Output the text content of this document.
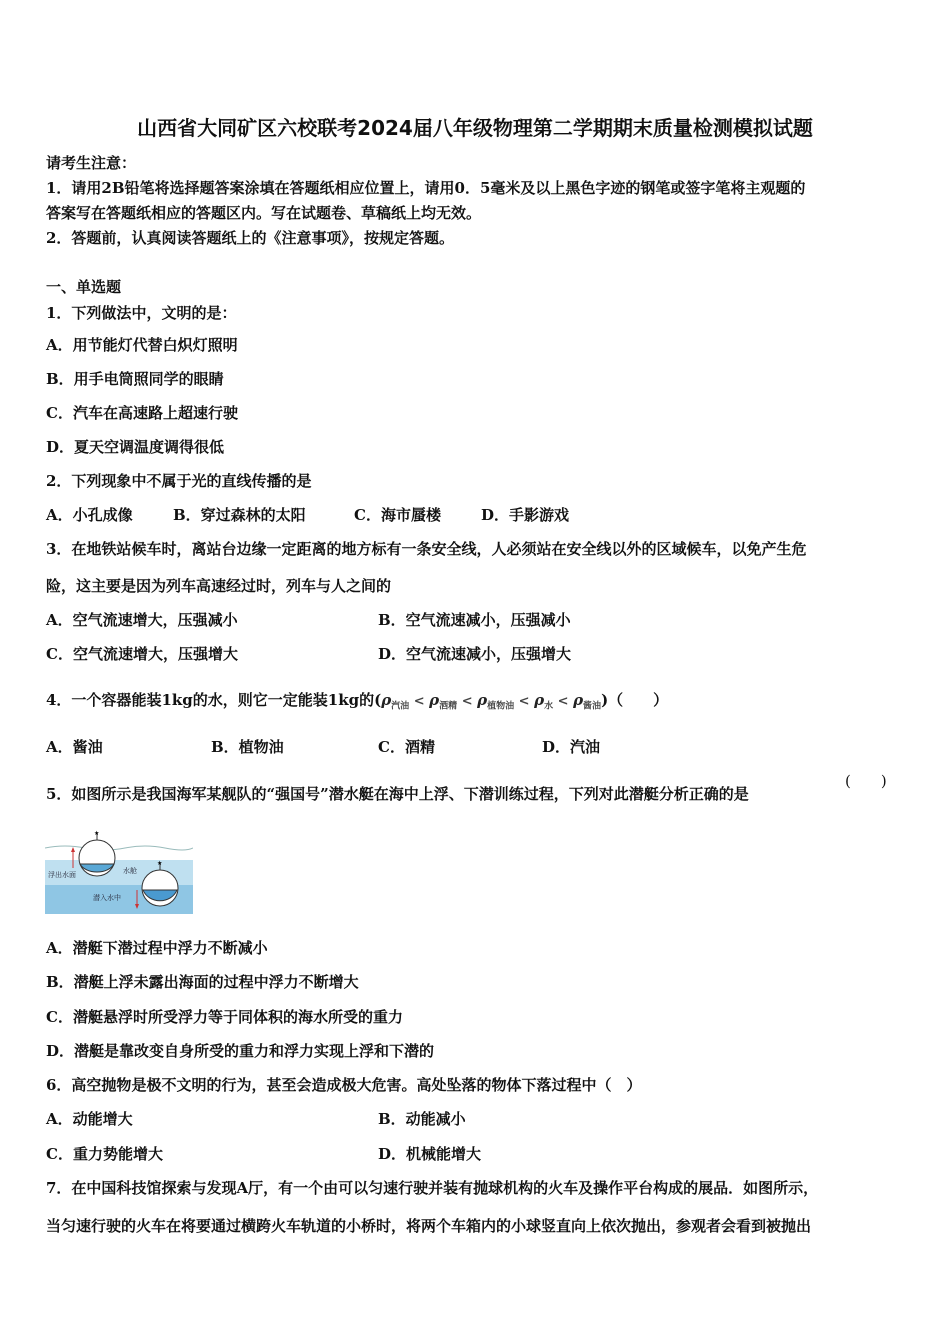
山西省大同矿区六校联考2024届八年级物理第二学期期末质量检测模拟试题
请考生注意：
1．请用2B铅笔将选择题答案涂填在答题纸相应位置上，请用0．5毫米及以上黑色字迹的钢笔或签字笔将主观题的
答案写在答题纸相应的答题区内。写在试题卷、草稿纸上均无效。
2．答题前，认真阅读答题纸上的《注意事项》，按规定答题。
一、单选题
1．下列做法中，文明的是：
A．用节能灯代替白炽灯照明
B．用手电筒照同学的眼睛
C．汽车在高速路上超速行驶
D．夏天空调温度调得很低
2．下列现象中不属于光的直线传播的是
A．小孔成像	B．穿过森林的太阳	C．海市蜃楼	D．手影游戏
3．在地铁站候车时，离站台边缘一定距离的地方标有一条安全线，人必须站在安全线以外的区域候车，以免产生危
险，这主要是因为列车高速经过时，列车与人之间的
A．空气流速增大，压强减小	B．空气流速减小，压强减小
C．空气流速增大，压强增大	D．空气流速减小，压强增大
4．一个容器能装1kg的水，则它一定能装1kg的$(\rho_{汽油} < \rho_{酒精} < \rho_{植物油} < \rho_水 < \rho_{酱油})$（　　）
A．酱油	B．植物油	C．酒精	D．汽油
5．如图所示是我国海军某舰队的“强国号”潜水艇在海中上浮、下潜训练过程，下列对此潜艇分析正确的是
(　　)
★
★
浮出水面	水舱
潜入水中
A．潜艇下潜过程中浮力不断减小
B．潜艇上浮未露出海面的过程中浮力不断增大
C．潜艇悬浮时所受浮力等于同体积的海水所受的重力
D．潜艇是靠改变自身所受的重力和浮力实现上浮和下潜的
6．高空抛物是极不文明的行为，甚至会造成极大危害。高处坠落的物体下落过程中（　）
A．动能增大	B．动能减小
C．重力势能增大	D．机械能增大
7．在中国科技馆探索与发现A厅，有一个由可以匀速行驶并装有抛球机构的火车及操作平台构成的展品．如图所示，
当匀速行驶的火车在将要通过横跨火车轨道的小桥时，将两个车箱内的小球竖直向上依次抛出，参观者会看到被抛出
